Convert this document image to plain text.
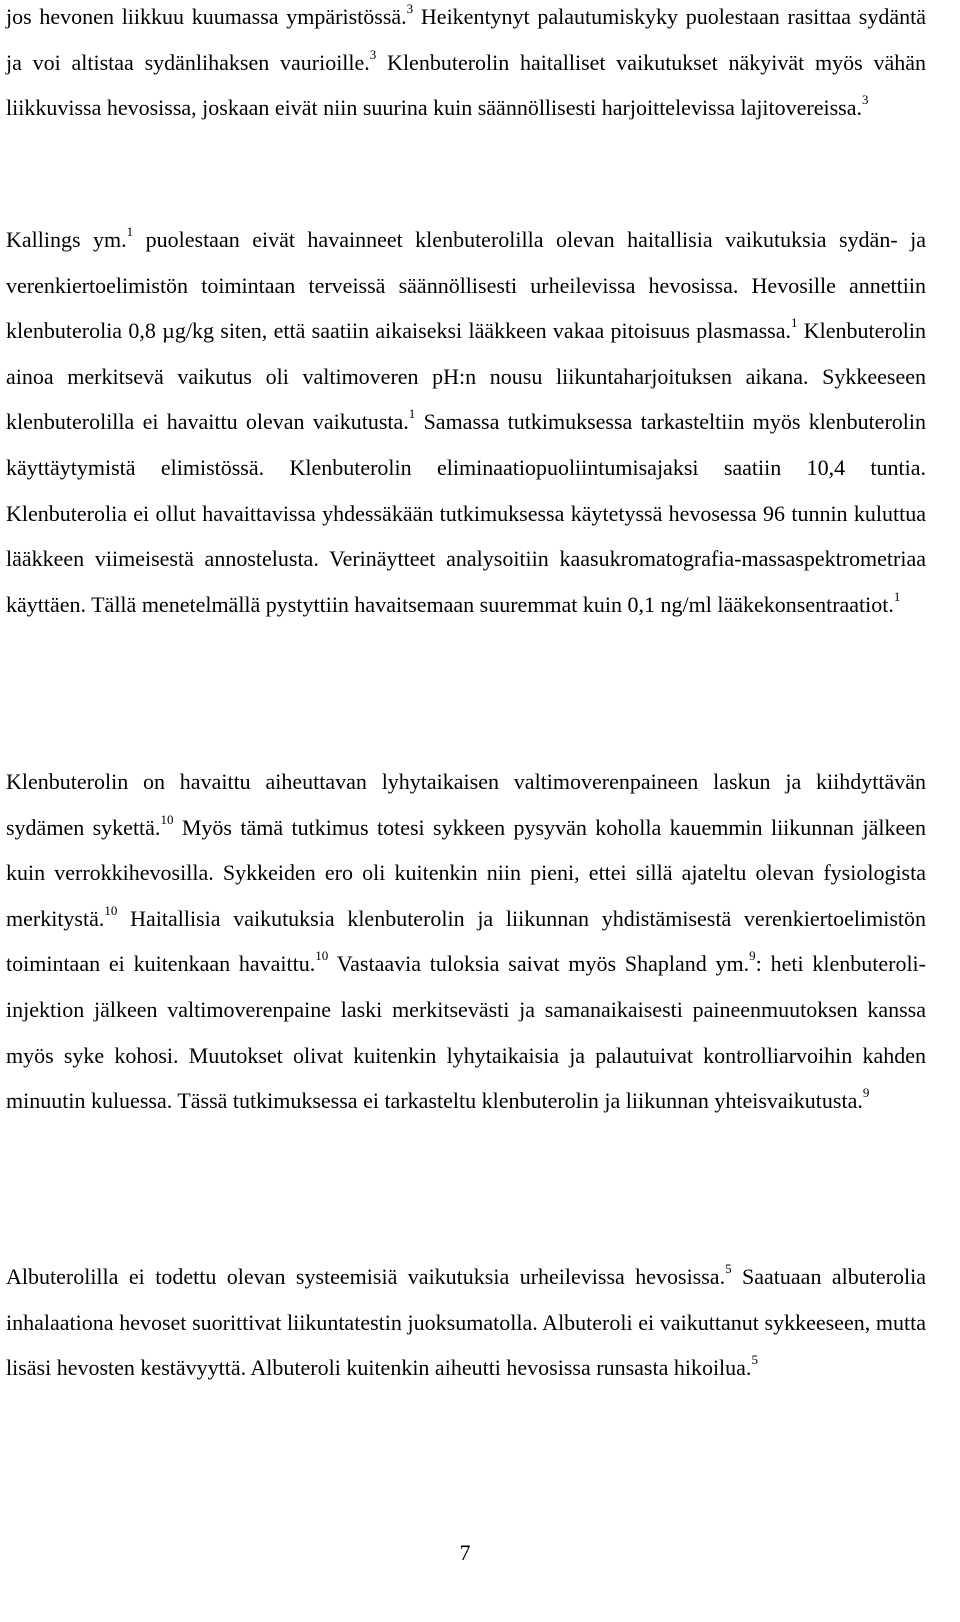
jos hevonen liikkuu kuumassa ympäristössä.$^3$ Heikentynyt palautumiskyky puolestaan rasittaa sydäntä ja voi altistaa sydänlihaksen vaurioille.$^3$ Klenbuterolin haitalliset vaikutukset näkyivät myös vähän liikkuvissa hevosissa, joskaan eivät niin suurina kuin säännöllisesti harjoittelevissa lajitovereissa.$^3$

Kallings ym.$^1$ puolestaan eivät havainneet klenbuterolilla olevan haitallisia vaikutuksia sydän- ja verenkiertoelimistön toimintaan terveissä säännöllisesti urheilevissa hevosissa. Hevosille annettiin klenbuterolia 0,8 µg/kg siten, että saatiin aikaiseksi lääkkeen vakaa pitoisuus plasmassa.$^1$ Klenbuterolin ainoa merkitsevä vaikutus oli valtimoveren pH:n nousu liikuntaharjoituksen aikana. Sykkeeseen klenbuterolilla ei havaittu olevan vaikutusta.$^1$ Samassa tutkimuksessa tarkasteltiin myös klenbuterolin käyttäytymistä elimistössä. Klenbuterolin eliminaatiopuoliintumisajaksi saatiin 10,4 tuntia. Klenbuterolia ei ollut havaittavissa yhdessäkään tutkimuksessa käytetyssä hevosessa 96 tunnin kuluttua lääkkeen viimeisestä annostelusta. Verinäytteet analysoitiin kaasukromatografia-massaspektrometriaa käyttäen. Tällä menetelmällä pystyttiin havaitsemaan suuremmat kuin 0,1 ng/ml lääkekonsentraatiot.$^1$

Klenbuterolin on havaittu aiheuttavan lyhytaikaisen valtimoverenpaineen laskun ja kiihdyttävän sydämen sykettä.$^{10}$ Myös tämä tutkimus totesi sykkeen pysyvän koholla kauemmin liikunnan jälkeen kuin verrokkihevosilla. Sykkeiden ero oli kuitenkin niin pieni, ettei sillä ajateltu olevan fysiologista merkitystä.$^{10}$ Haitallisia vaikutuksia klenbuterolin ja liikunnan yhdistämisestä verenkiertoelimistön toimintaan ei kuitenkaan havaittu.$^{10}$ Vastaavia tuloksia saivat myös Shapland ym.$^9$: heti klenbuteroli-injektion jälkeen valtimoverenpaine laski merkitsevästi ja samanaikaisesti paineenmuutoksen kanssa myös syke kohosi. Muutokset olivat kuitenkin lyhytaikaisia ja palautuivat kontrolliarvoihin kahden minuutin kuluessa. Tässä tutkimuksessa ei tarkasteltu klenbuterolin ja liikunnan yhteisvaikutusta.$^9$

Albuterolilla ei todettu olevan systeemisiä vaikutuksia urheilevissa hevosissa.$^5$ Saatuaan albuterolia inhalaationa hevoset suorittivat liikuntatestin juoksumatolla. Albuteroli ei vaikuttanut sykkeeseen, mutta lisäsi hevosten kestävyyttä. Albuteroli kuitenkin aiheutti hevosissa runsasta hikoilua.$^5$

7
